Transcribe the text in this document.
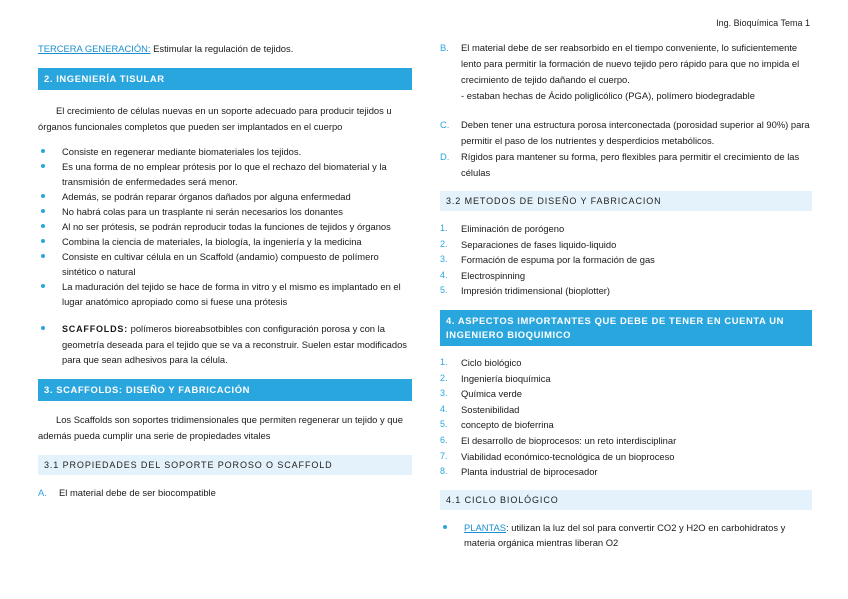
Ing. Bioquímica Tema 1
TERCERA GENERACIÓN: Estimular la regulación de tejidos.
2. INGENIERÍA TISULAR

El crecimiento de células nuevas en un soporte adecuado para producir tejidos u órganos funcionales completos que pueden ser implantados en el cuerpo

Consiste en regenerar mediante biomateriales los tejidos.
Es una forma de no emplear prótesis por lo que el rechazo del biomaterial y la transmisión de enfermedades será menor.
Además, se podrán reparar órganos dañados por alguna enfermedad
No habrá colas para un trasplante ni serán necesarios los donantes
Al no ser prótesis, se podrán reproducir todas la funciones de tejidos y órganos
Combina la ciencia de materiales, la biología, la ingeniería y la medicina
Consiste en cultivar célula en un Scaffold (andamio) compuesto de polímero sintético o natural
La maduración del tejido se hace de forma in vitro y el mismo es implantado en el lugar anatómico apropiado como si fuese una prótesis
SCAFFOLDS: polímeros bioreabsotbibles con configuración porosa y con la geometría deseada para el tejido que se va a reconstruir. Suelen estar modificados para que sean adhesivos para la célula.
3. SCAFFOLDS: DISEÑO Y FABRICACIÓN

Los Scaffolds son soportes tridimensionales que permiten regenerar un tejido y que además pueda cumplir una serie de propiedades vitales

3.1 PROPIEDADES DEL SOPORTE POROSO O SCAFFOLD
A.	El material debe de ser biocompatible
B.	El material debe de ser reabsorbido en el tiempo conveniente, lo suficientemente lento para permitir la formación de nuevo tejido pero rápido para que no impida el crecimiento de tejido dañando el cuerpo.
- estaban hechas de Ácido poliglicólico (PGA), polímero biodegradable
C.	Deben tener una estructura porosa interconectada (porosidad superior al 90%) para permitir el paso de los nutrientes y desperdicios metabólicos.
D.	Rígidos para mantener su forma, pero flexibles para permitir el crecimiento de las células
3.2 METODOS DE DISEÑO Y FABRICACION
1.	Eliminación de porógeno
2.	Separaciones de fases liquido-liquido
3.	Formación de espuma por la formación de gas
4.	Electrospinning
5.	Impresión tridimensional (bioplotter)
4. ASPECTOS IMPORTANTES QUE DEBE DE TENER EN CUENTA UN INGENIERO BIOQUIMICO
1.	Ciclo biológico
2.	Ingeniería bioquímica
3.	Química verde
4.	Sostenibilidad
5.	concepto de bioferrina
6.	El desarrollo de bioprocesos: un reto interdisciplinar
7.	Viabilidad económico-tecnológica de un bioproceso
8.	Planta industrial de biprocesador
4.1 CICLO BIOLÓGICO
PLANTAS: utilizan la luz del sol para convertir CO2 y H2O en carbohidratos y materia orgánica mientras liberan O2
